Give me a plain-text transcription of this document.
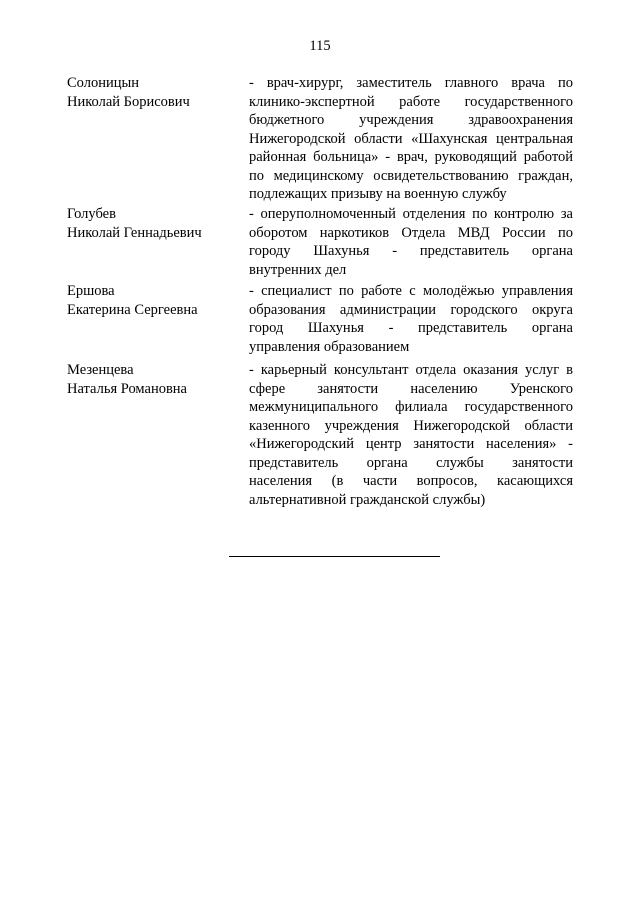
115
Солоницын
Николай Борисович
- врач-хирург, заместитель главного врача по
клинико-экспертной работе государственного
бюджетного учреждения здравоохранения
Нижегородской области «Шахунская центральная
районная больница» - врач, руководящий работой
по медицинскому освидетельствованию граждан,
подлежащих призыву на военную службу
Голубев
Николай Геннадьевич
- оперуполномоченный отделения по контролю за
оборотом наркотиков Отдела МВД России по
городу Шахунья - представитель органа
внутренних дел
Ершова
Екатерина Сергеевна
- специалист по работе с молодёжью управления
образования администрации городского округа
город Шахунья - представитель органа
управления образованием
Мезенцева
Наталья Романовна
- карьерный консультант отдела оказания услуг в
сфере занятости населению Уренского
межмуниципального филиала государственного
казенного учреждения Нижегородской области
«Нижегородский центр занятости населения» -
представитель органа службы занятости
населения (в части вопросов, касающихся
альтернативной гражданской службы)
